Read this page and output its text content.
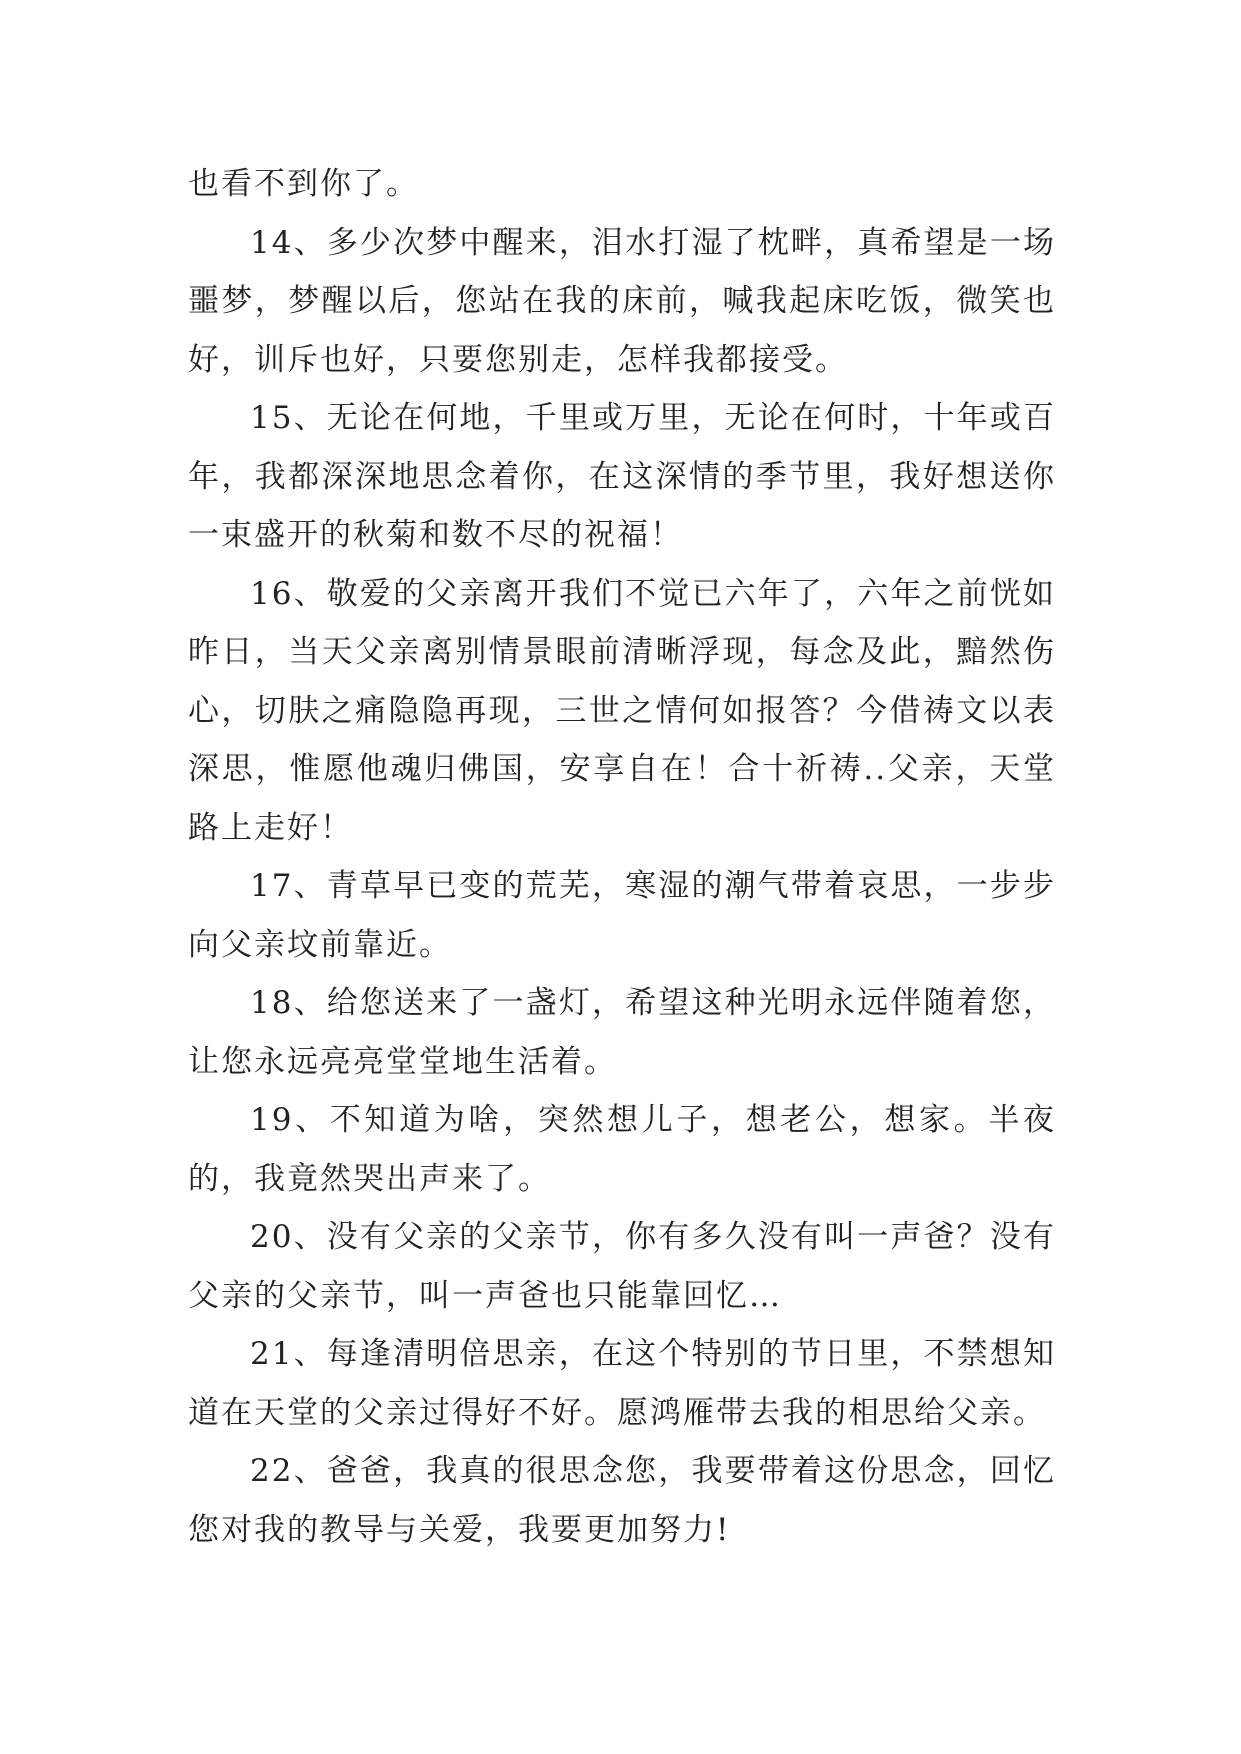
也看不到你了。

14、多少次梦中醒来，泪水打湿了枕畔，真希望是一场噩梦，梦醒以后，您站在我的床前，喊我起床吃饭，微笑也好，训斥也好，只要您别走，怎样我都接受。

15、无论在何地，千里或万里，无论在何时，十年或百年，我都深深地思念着你，在这深情的季节里，我好想送你一束盛开的秋菊和数不尽的祝福！

16、敬爱的父亲离开我们不觉已六年了，六年之前恍如昨日，当天父亲离别情景眼前清晰浮现，每念及此，黯然伤心，切肤之痛隐隐再现，三世之情何如报答？今借祷文以表深思，惟愿他魂归佛国，安享自在！合十祈祷..父亲，天堂路上走好！

17、青草早已变的荒芜，寒湿的潮气带着哀思，一步步向父亲坟前靠近。

18、给您送来了一盏灯，希望这种光明永远伴随着您，让您永远亮亮堂堂地生活着。

19、不知道为啥，突然想儿子，想老公，想家。半夜的，我竟然哭出声来了。

20、没有父亲的父亲节，你有多久没有叫一声爸？没有父亲的父亲节，叫一声爸也只能靠回忆…

21、每逢清明倍思亲，在这个特别的节日里，不禁想知道在天堂的父亲过得好不好。愿鸿雁带去我的相思给父亲。

22、爸爸，我真的很思念您，我要带着这份思念，回忆您对我的教导与关爱，我要更加努力!
